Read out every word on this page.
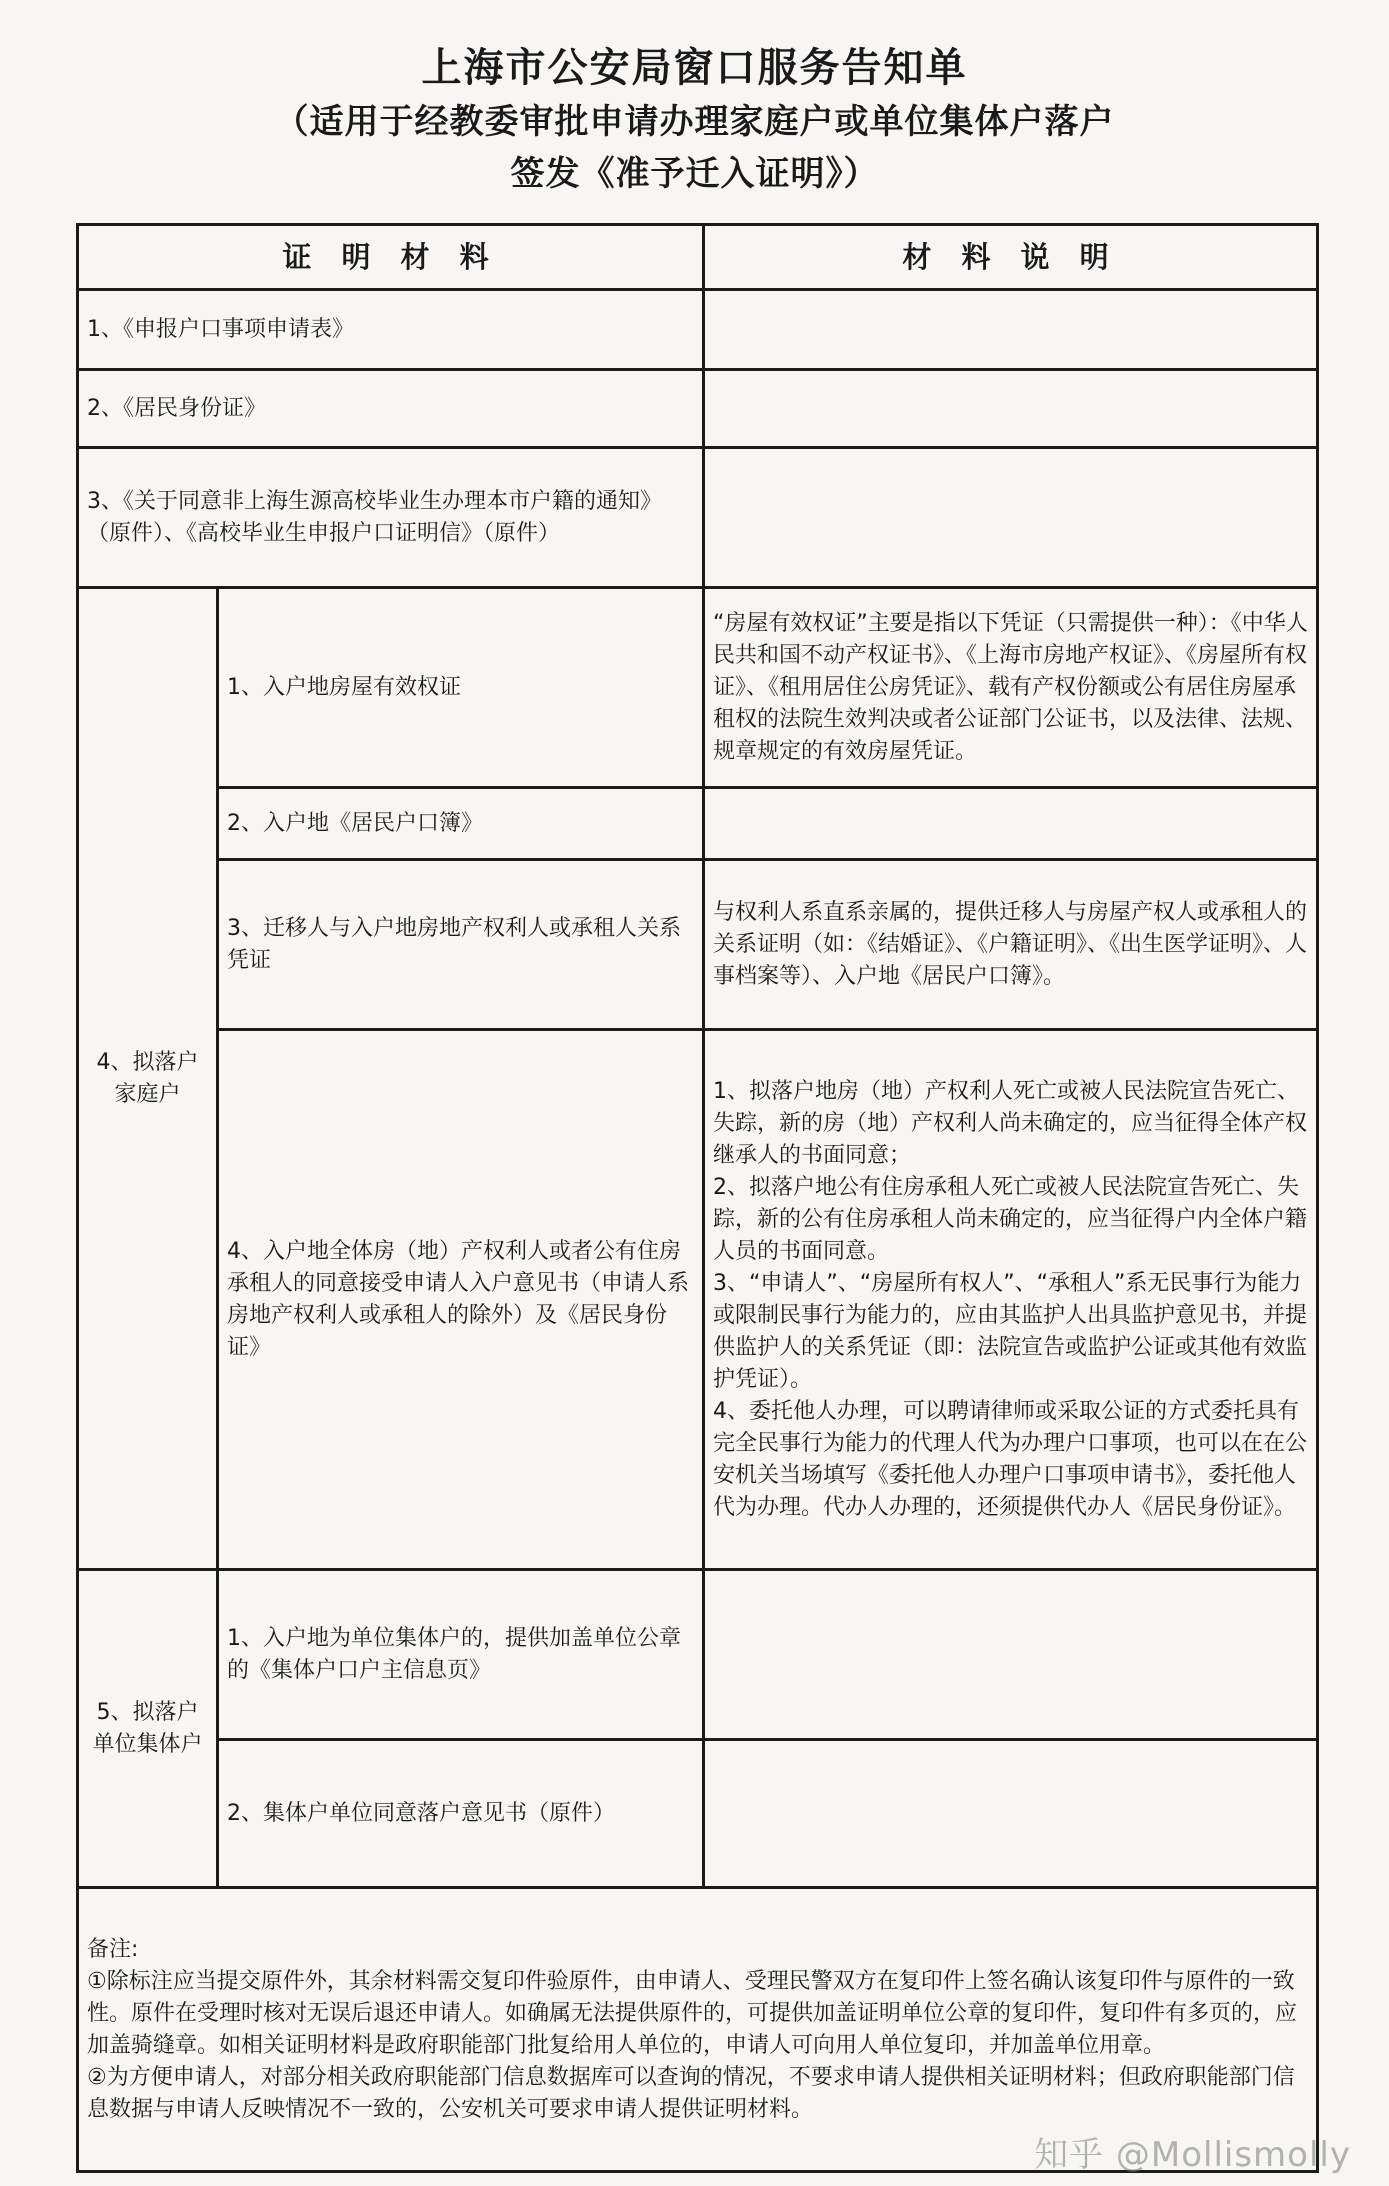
上海市公安局窗口服务告知单
（适用于经教委审批申请办理家庭户或单位集体户落户
签发《准予迁入证明》）
证 明 材 料		材 料 说 明
1、《申报户口事项申请表》		
2、《居民身份证》		
3、《关于同意非上海生源高校毕业生办理本市户籍的通知》（原件）、《高校毕业生申报户口证明信》（原件）		

4、拟落户
家庭户	1、入户地房屋有效权证	“房屋有效权证”主要是指以下凭证（只需提供一种）：《中华人民共和国不动产权证书》、《上海市房地产权证》、《房屋所有权证》、《租用居住公房凭证》、载有产权份额或公有居住房屋承租权的法院生效判决或者公证部门公证书，以及法律、法规、规章规定的有效房屋凭证。
	2、入户地《居民户口簿》	
	3、迁移人与入户地房地产权利人或承租人关系凭证	与权利人系直系亲属的，提供迁移人与房屋产权人或承租人的关系证明（如：《结婚证》、《户籍证明》、《出生医学证明》、人事档案等）、入户地《居民户口簿》。
	4、入户地全体房（地）产权利人或者公有住房承租人的同意接受申请人入户意见书（申请人系房地产权利人或承租人的除外）及《居民身份证》	1、拟落户地房（地）产权利人死亡或被人民法院宣告死亡、失踪，新的房（地）产权利人尚未确定的，应当征得全体产权继承人的书面同意；
2、拟落户地公有住房承租人死亡或被人民法院宣告死亡、失踪，新的公有住房承租人尚未确定的，应当征得户内全体户籍人员的书面同意。
3、“申请人”、“房屋所有权人”、“承租人”系无民事行为能力或限制民事行为能力的，应由其监护人出具监护意见书，并提供监护人的关系凭证（即：法院宣告或监护公证或其他有效监护凭证）。
4、委托他人办理，可以聘请律师或采取公证的方式委托具有完全民事行为能力的代理人代为办理户口事项，也可以在在公安机关当场填写《委托他人办理户口事项申请书》，委托他人代为办理。代办人办理的，还须提供代办人《居民身份证》。

5、拟落户
单位集体户	1、入户地为单位集体户的，提供加盖单位公章的《集体户口户主信息页》	
	2、集体户单位同意落户意见书（原件）	

备注:
①除标注应当提交原件外，其余材料需交复印件验原件，由申请人、受理民警双方在复印件上签名确认该复印件与原件的一致性。原件在受理时核对无误后退还申请人。如确属无法提供原件的，可提供加盖证明单位公章的复印件，复印件有多页的，应加盖骑缝章。如相关证明材料是政府职能部门批复给用人单位的，申请人可向用人单位复印，并加盖单位用章。
②为方便申请人，对部分相关政府职能部门信息数据库可以查询的情况，不要求申请人提供相关证明材料；但政府职能部门信息数据与申请人反映情况不一致的，公安机关可要求申请人提供证明材料。		
知乎 @Mollismolly
